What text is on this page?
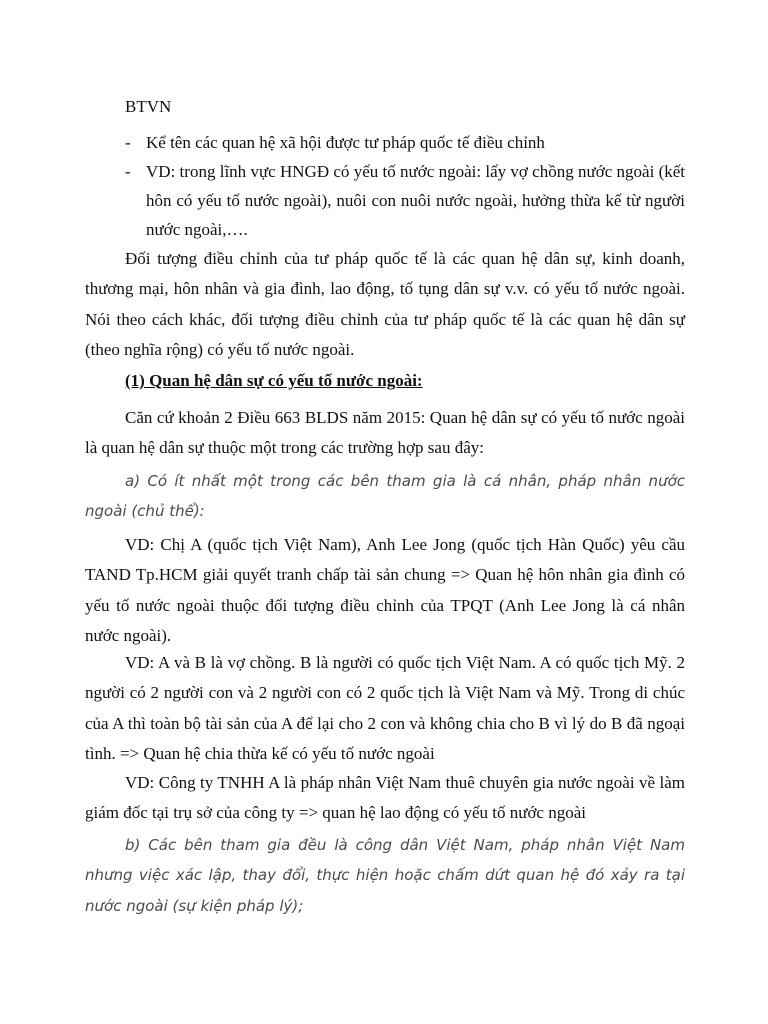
BTVN
- Kể tên các quan hệ xã hội được tư pháp quốc tế điều chỉnh
- VD: trong lĩnh vực HNGĐ có yếu tố nước ngoài: lấy vợ chồng nước ngoài (kết hôn có yếu tố nước ngoài), nuôi con nuôi nước ngoài, hưởng thừa kế từ người nước ngoài,….

Đối tượng điều chỉnh của tư pháp quốc tế là các quan hệ dân sự, kinh doanh, thương mại, hôn nhân và gia đình, lao động, tố tụng dân sự v.v. có yếu tố nước ngoài. Nói theo cách khác, đối tượng điều chỉnh của tư pháp quốc tế là các quan hệ dân sự (theo nghĩa rộng) có yếu tố nước ngoài.

(1) Quan hệ dân sự có yếu tố nước ngoài:

Căn cứ khoản 2 Điều 663 BLDS năm 2015: Quan hệ dân sự có yếu tố nước ngoài là quan hệ dân sự thuộc một trong các trường hợp sau đây:

a) Có ít nhất một trong các bên tham gia là cá nhân, pháp nhân nước ngoài (chủ thể):

VD: Chị A (quốc tịch Việt Nam), Anh Lee Jong (quốc tịch Hàn Quốc) yêu cầu TAND Tp.HCM giải quyết tranh chấp tài sản chung => Quan hệ hôn nhân gia đình có yếu tố nước ngoài thuộc đối tượng điều chỉnh của TPQT (Anh Lee Jong là cá nhân nước ngoài).

VD: A và B là vợ chồng. B là người có quốc tịch Việt Nam. A có quốc tịch Mỹ. 2 người có 2 người con và 2 người con có 2 quốc tịch là Việt Nam và Mỹ. Trong di chúc của A thì toàn bộ tài sản của A để lại cho 2 con và không chia cho B vì lý do B đã ngoại tình. => Quan hệ chia thừa kế có yếu tố nước ngoài

VD: Công ty TNHH A là pháp nhân Việt Nam thuê chuyên gia nước ngoài về làm giám đốc tại trụ sở của công ty => quan hệ lao động có yếu tố nước ngoài

b) Các bên tham gia đều là công dân Việt Nam, pháp nhân Việt Nam nhưng việc xác lập, thay đổi, thực hiện hoặc chấm dứt quan hệ đó xảy ra tại nước ngoài (sự kiện pháp lý);
